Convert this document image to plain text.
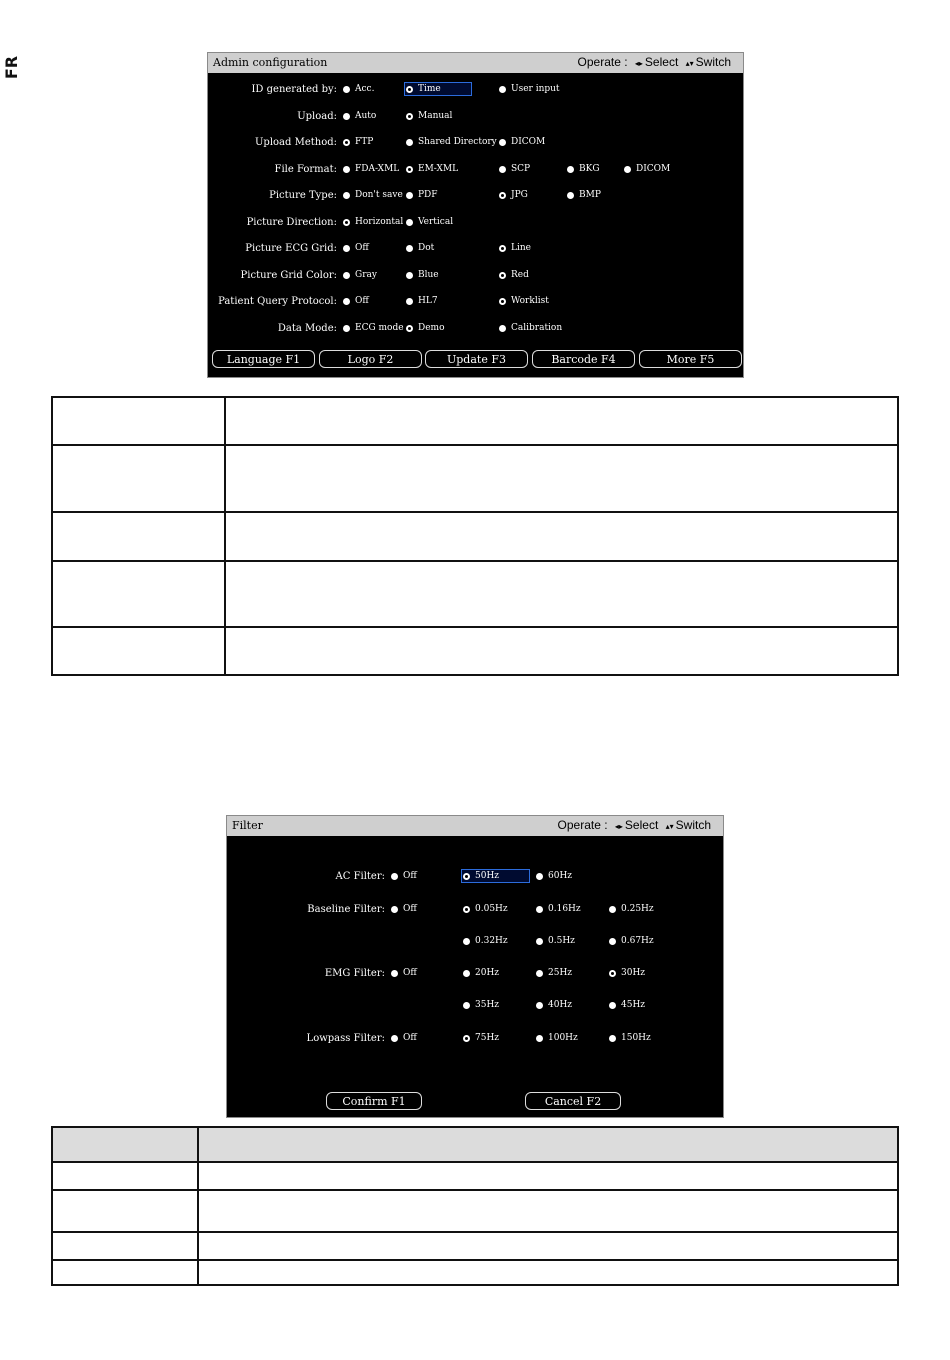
FR	Admin configuration	Operate : ◂▸ Select ▴▾ Switch
ID generated by: Acc.	Time	User input
Upload: Auto	Manual
Upload Method: FTP	Shared Directory DICOM
File Format: FDA-XML EM-XML	SCP	BKG	DICOM
Picture Type: Don't save PDF	JPG	BMP
Picture Direction: Horizontal Vertical
Picture ECG Grid: Off	Dot	Line
Picture Grid Color: Gray	Blue	Red
Patient Query Protocol: Off	HL7	Worklist
Data Mode: ECG mode Demo	Calibration
Language F1	Logo F2	Update F3	Barcode F4	More F5
Filter	Operate : ◂▸ Select ▴▾ Switch
AC Filter: Off	50Hz	60Hz
Baseline Filter: Off	0.05Hz	0.16Hz	0.25Hz
0.32Hz	0.5Hz	0.67Hz
EMG Filter: Off	20Hz	25Hz	30Hz
35Hz	40Hz	45Hz
Lowpass Filter: Off	75Hz	100Hz	150Hz
Confirm F1	Cancel F2
